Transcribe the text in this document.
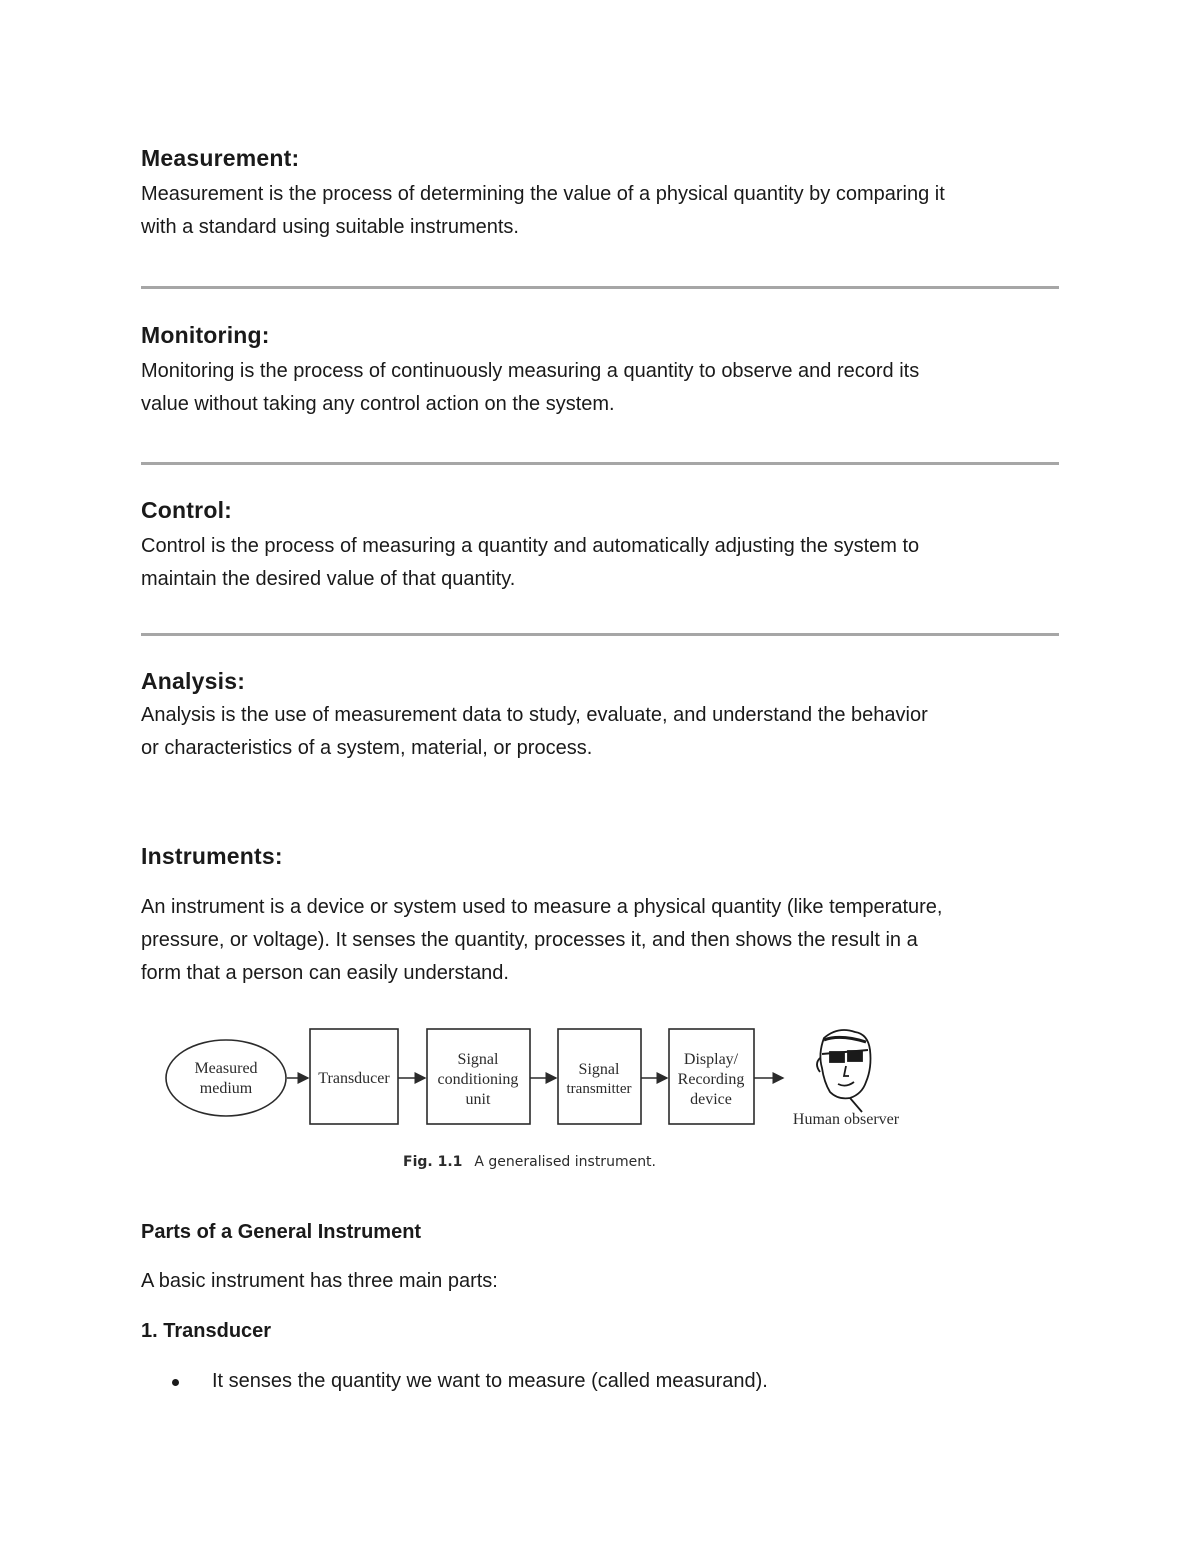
Measurement:

Measurement is the process of determining the value of a physical quantity by comparing it
with a standard using suitable instruments.

Monitoring:

Monitoring is the process of continuously measuring a quantity to observe and record its
value without taking any control action on the system.

Control:

Control is the process of measuring a quantity and automatically adjusting the system to
maintain the desired value of that quantity.

Analysis:

Analysis is the use of measurement data to study, evaluate, and understand the behavior
or characteristics of a system, material, or process.

Instruments:

An instrument is a device or system used to measure a physical quantity (like temperature,
pressure, or voltage). It senses the quantity, processes it, and then shows the result in a
form that a person can easily understand.

Measured
medium
Transducer
Signal
conditioning
unit
Signal
transmitter
Display/
Recording
device
Human observer
Fig. 1.1 A generalised instrument.
Parts of a General Instrument

A basic instrument has three main parts:

1. Transducer
It senses the quantity we want to measure (called measurand).
